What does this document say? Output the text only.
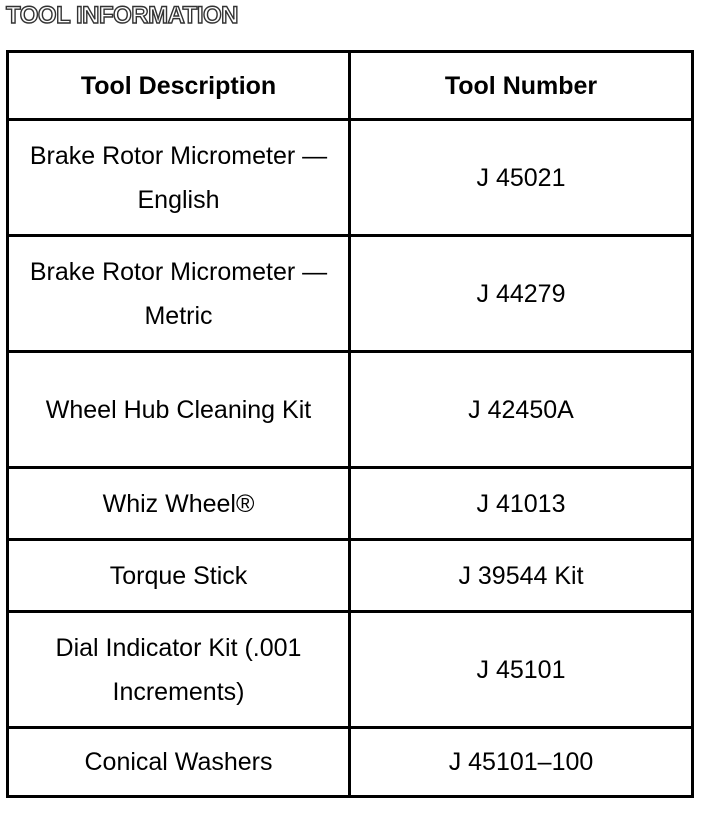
TOOL INFORMATION
Tool Description	Tool Number
Brake Rotor Micrometer — English	J 45021
Brake Rotor Micrometer — Metric	J 44279
Wheel Hub Cleaning Kit	J 42450A
Whiz Wheel®	J 41013
Torque Stick	J 39544 Kit
Dial Indicator Kit (.001 Increments)	J 45101
Conical Washers	J 45101–100
